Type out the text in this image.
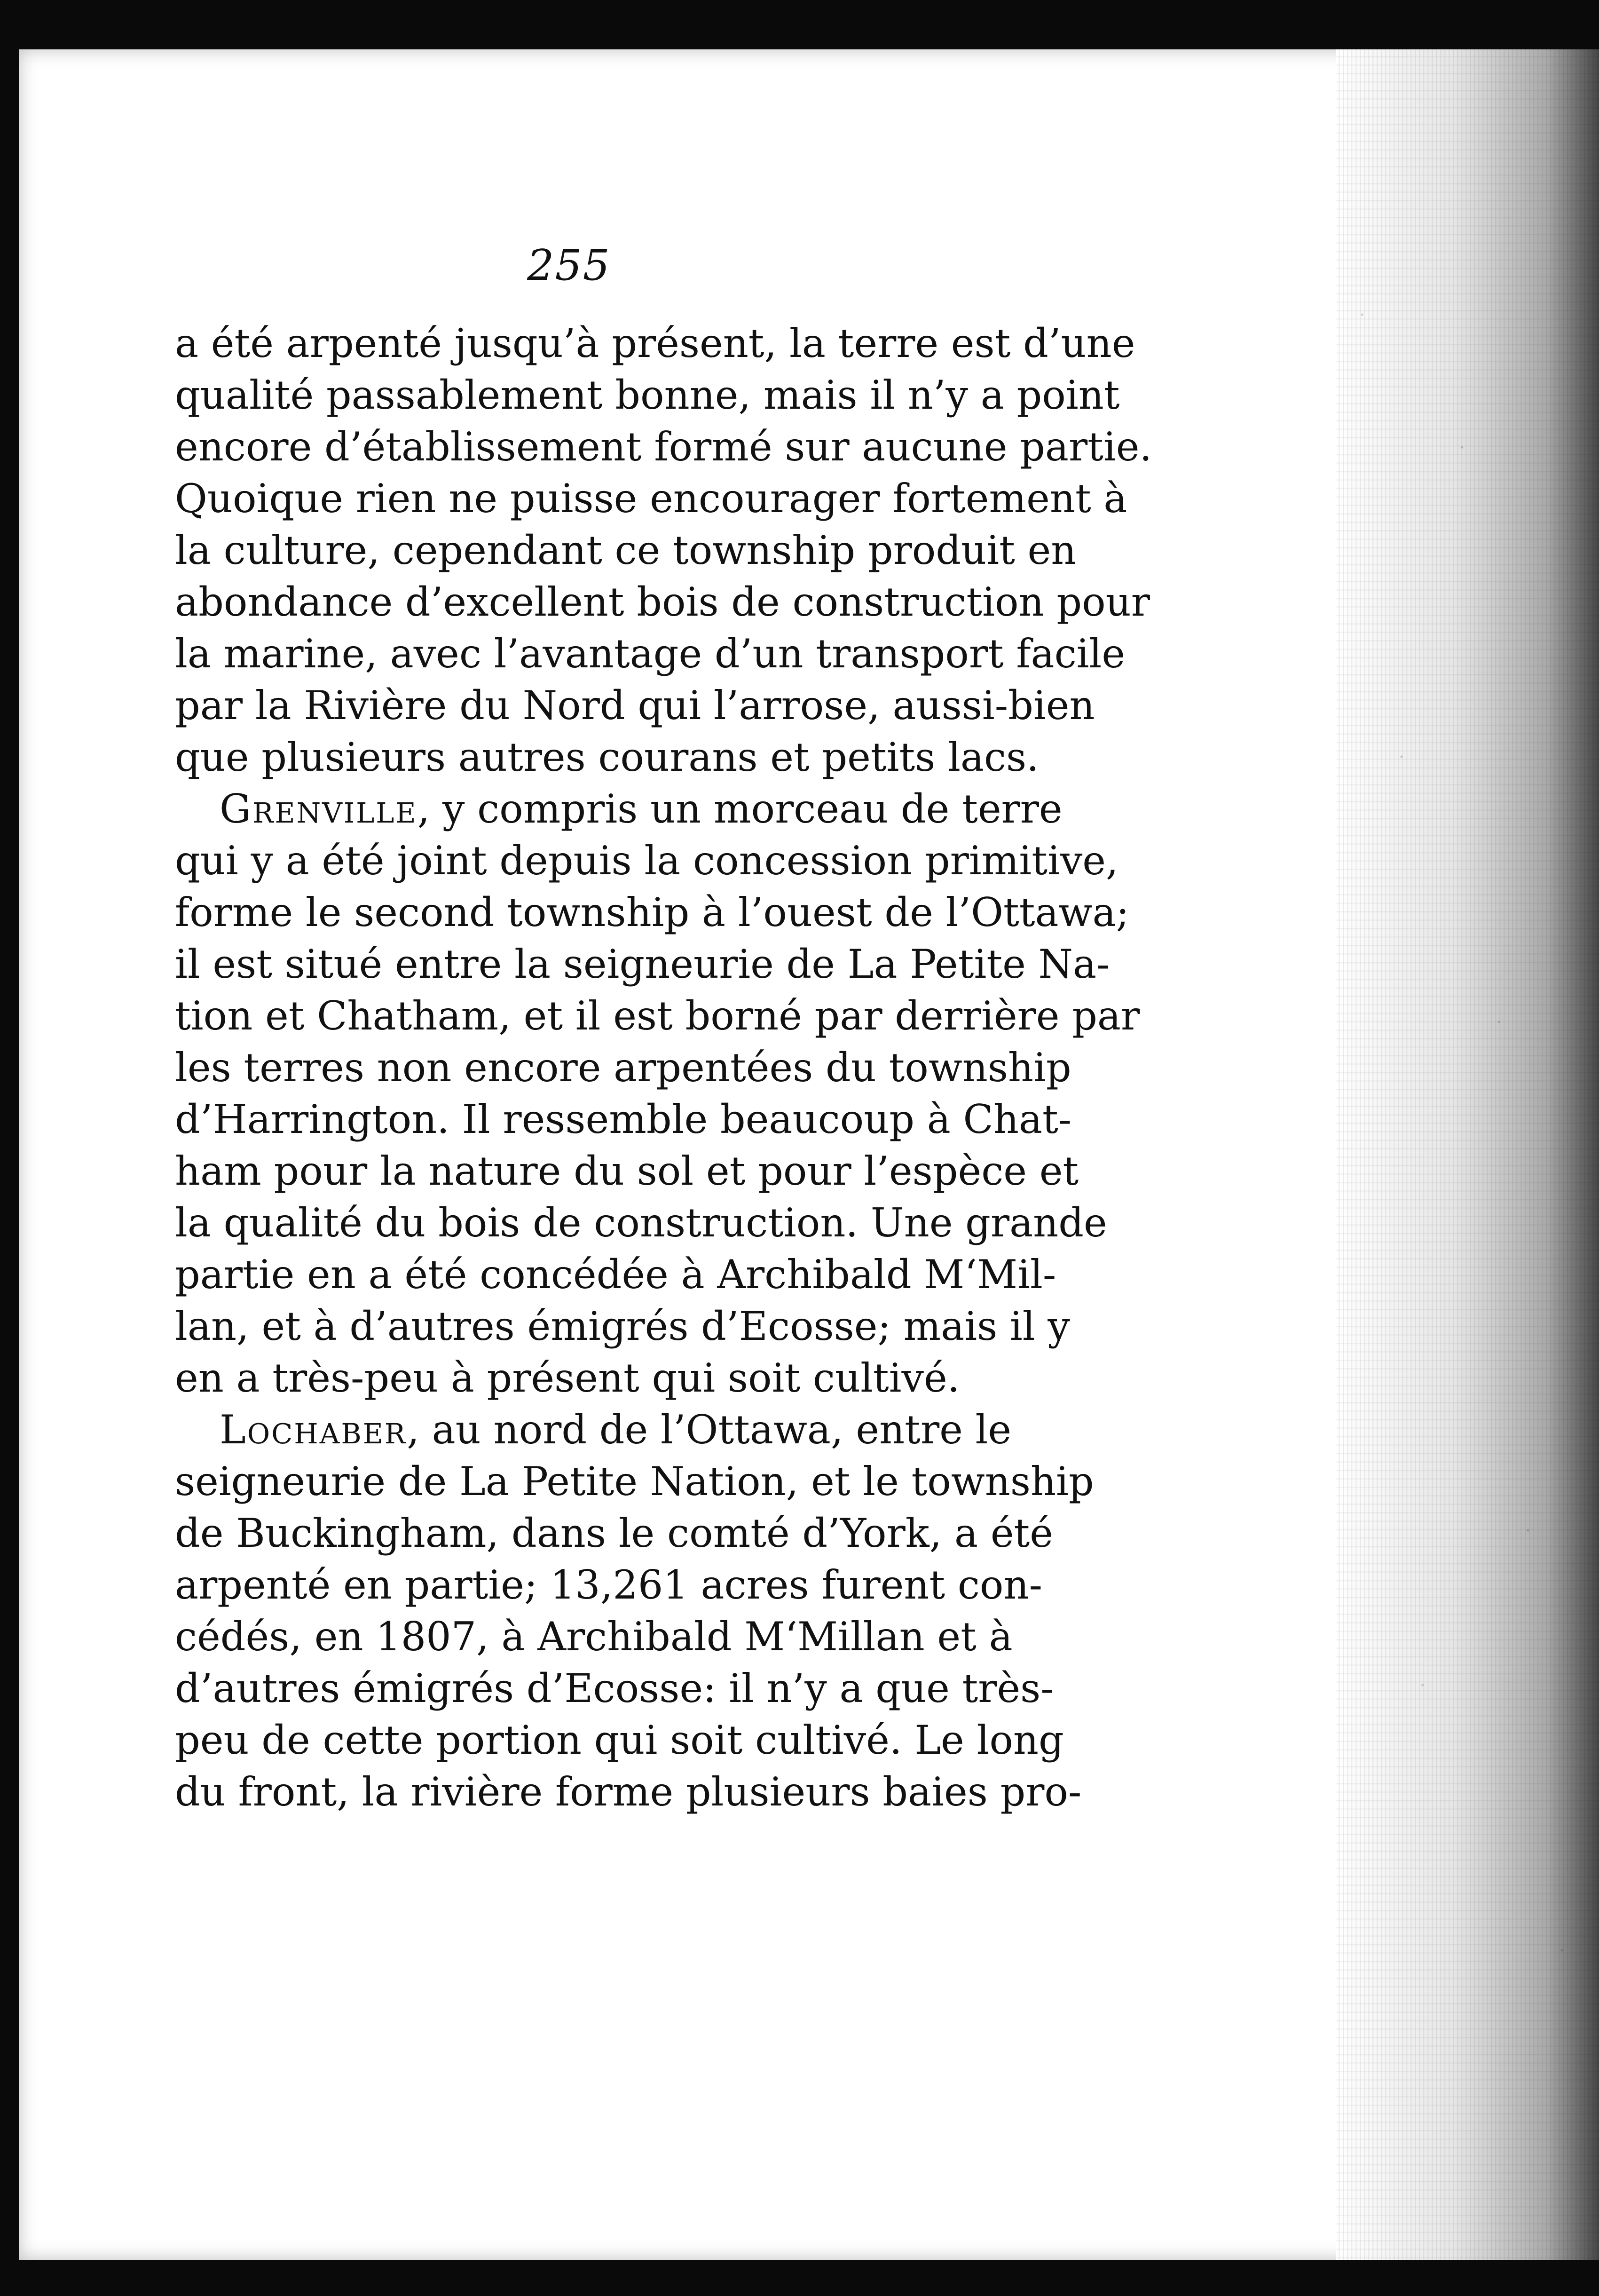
255
a été arpenté jusqu’à présent, la terre est d’une
qualité passablement bonne, mais il n’y a point
encore d’établissement formé sur aucune partie.
Quoique rien ne puisse encourager fortement à
la culture, cependant ce township produit en
abondance d’excellent bois de construction pour
la marine, avec l’avantage d’un transport facile
par la Rivière du Nord qui l’arrose, aussi-bien
que plusieurs autres courans et petits lacs.
Grenville, y compris un morceau de terre
qui y a été joint depuis la concession primitive,
forme le second township à l’ouest de l’Ottawa;
il est situé entre la seigneurie de La Petite Na-
tion et Chatham, et il est borné par derrière par
les terres non encore arpentées du township
d’Harrington. Il ressemble beaucoup à Chat-
ham pour la nature du sol et pour l’espèce et
la qualité du bois de construction. Une grande
partie en a été concédée à Archibald M‘Mil-
lan, et à d’autres émigrés d’Ecosse; mais il y
en a très-peu à présent qui soit cultivé.
Lochaber, au nord de l’Ottawa, entre le
seigneurie de La Petite Nation, et le township
de Buckingham, dans le comté d’York, a été
arpenté en partie; 13,261 acres furent con-
cédés, en 1807, à Archibald M‘Millan et à
d’autres émigrés d’Ecosse: il n’y a que très-
peu de cette portion qui soit cultivé. Le long
du front, la rivière forme plusieurs baies pro-
